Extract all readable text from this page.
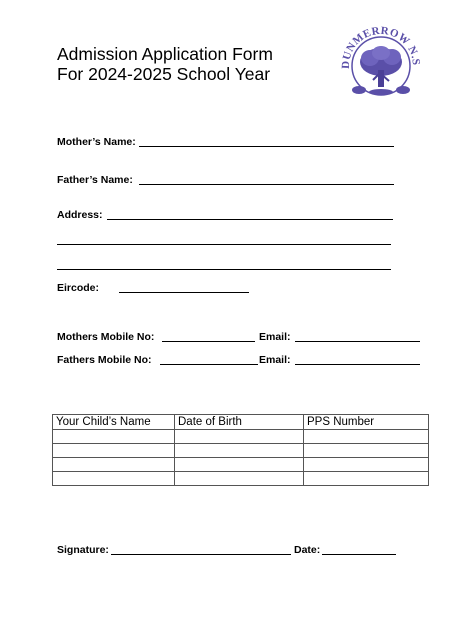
Admission Application Form
For 2024-2025 School Year	DUNMERROW N.S
Mother’s Name:
Father’s Name:
Address:
Eircode:
Mothers Mobile No:	Email:
Fathers Mobile No:	Email:
Your Child’s Name	Date of Birth	PPS Number

Signature:	Date:
